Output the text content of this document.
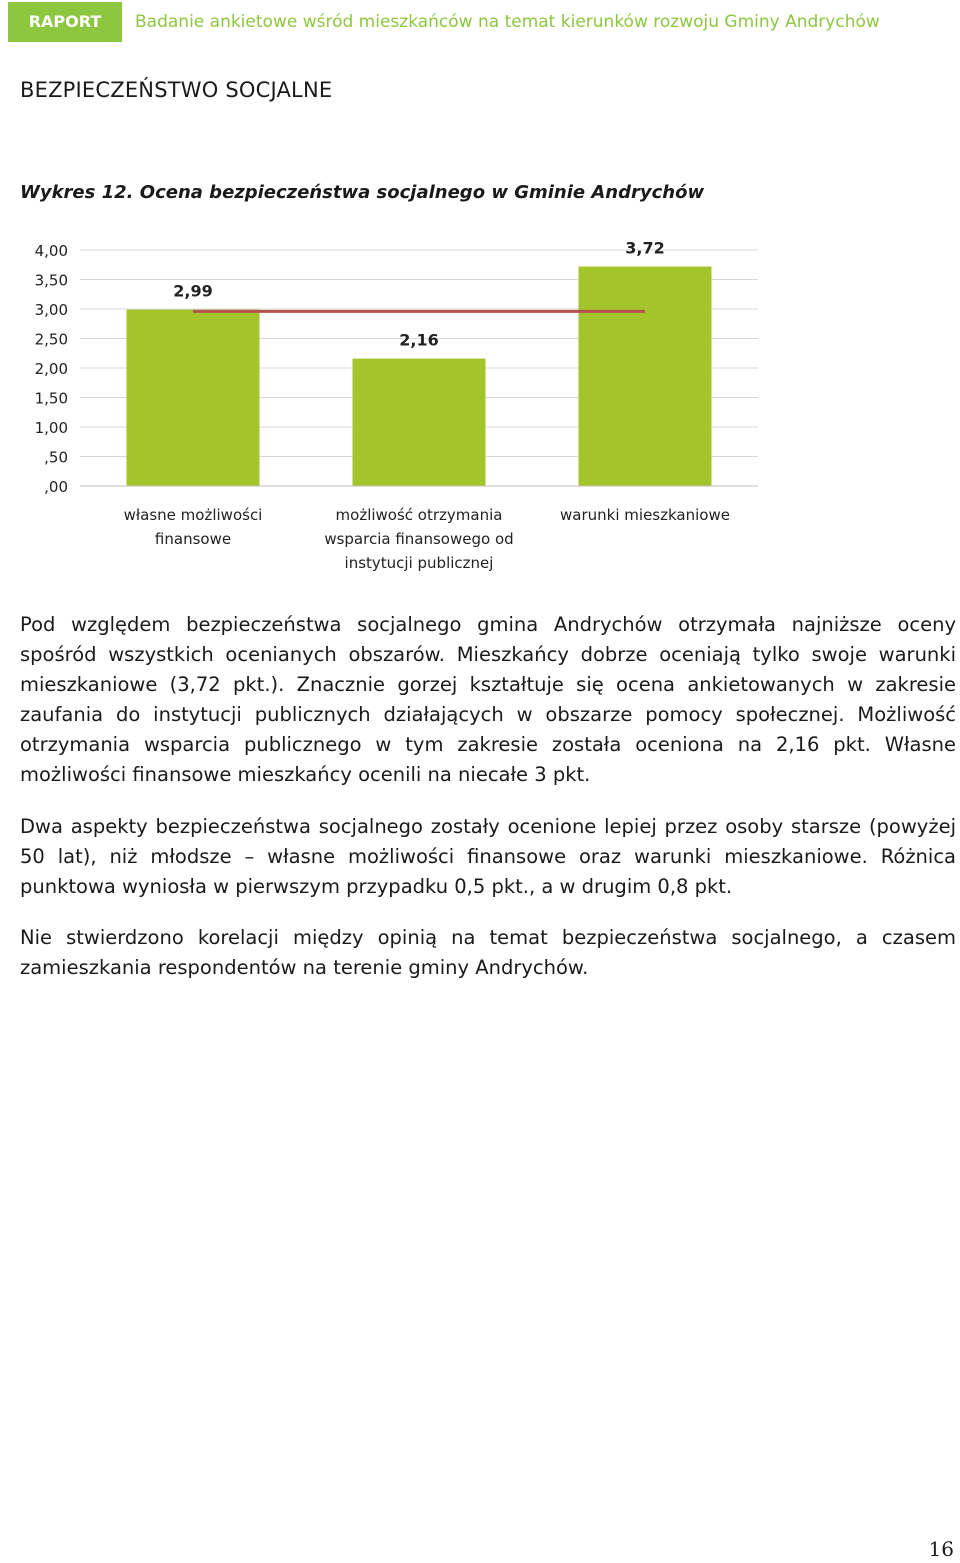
RAPORT	Badanie ankietowe wśród mieszkańców na temat kierunków rozwoju Gminy Andrychów
BEZPIECZEŃSTWO SOCJALNE
Wykres 12. Ocena bezpieczeństwa socjalnego w Gminie Andrychów
,00
,50
1,00
1,50
2,00
2,50
3,00
3,50
4,00
2,99
własne możliwości
finansowe
2,16
możliwość otrzymania
wsparcia finansowego od
instytucji publicznej
3,72
warunki mieszkaniowe

Pod względem bezpieczeństwa socjalnego gmina Andrychów otrzymała najniższe oceny spośród wszystkich ocenianych obszarów. Mieszkańcy dobrze oceniają tylko swoje warunki mieszkaniowe (3,72 pkt.). Znacznie gorzej kształtuje się ocena ankietowanych w zakresie zaufania do instytucji publicznych działających w obszarze pomocy społecznej. Możliwość otrzymania wsparcia publicznego w tym zakresie została oceniona na 2,16 pkt. Własne możliwości finansowe mieszkańcy ocenili na niecałe 3 pkt.

Dwa aspekty bezpieczeństwa socjalnego zostały ocenione lepiej przez osoby starsze (powyżej 50 lat), niż młodsze – własne możliwości finansowe oraz warunki mieszkaniowe. Różnica punktowa wyniosła w pierwszym przypadku 0,5 pkt., a w drugim 0,8 pkt.

Nie stwierdzono korelacji między opinią na temat bezpieczeństwa socjalnego, a czasem zamieszkania respondentów na terenie gminy Andrychów.

16
